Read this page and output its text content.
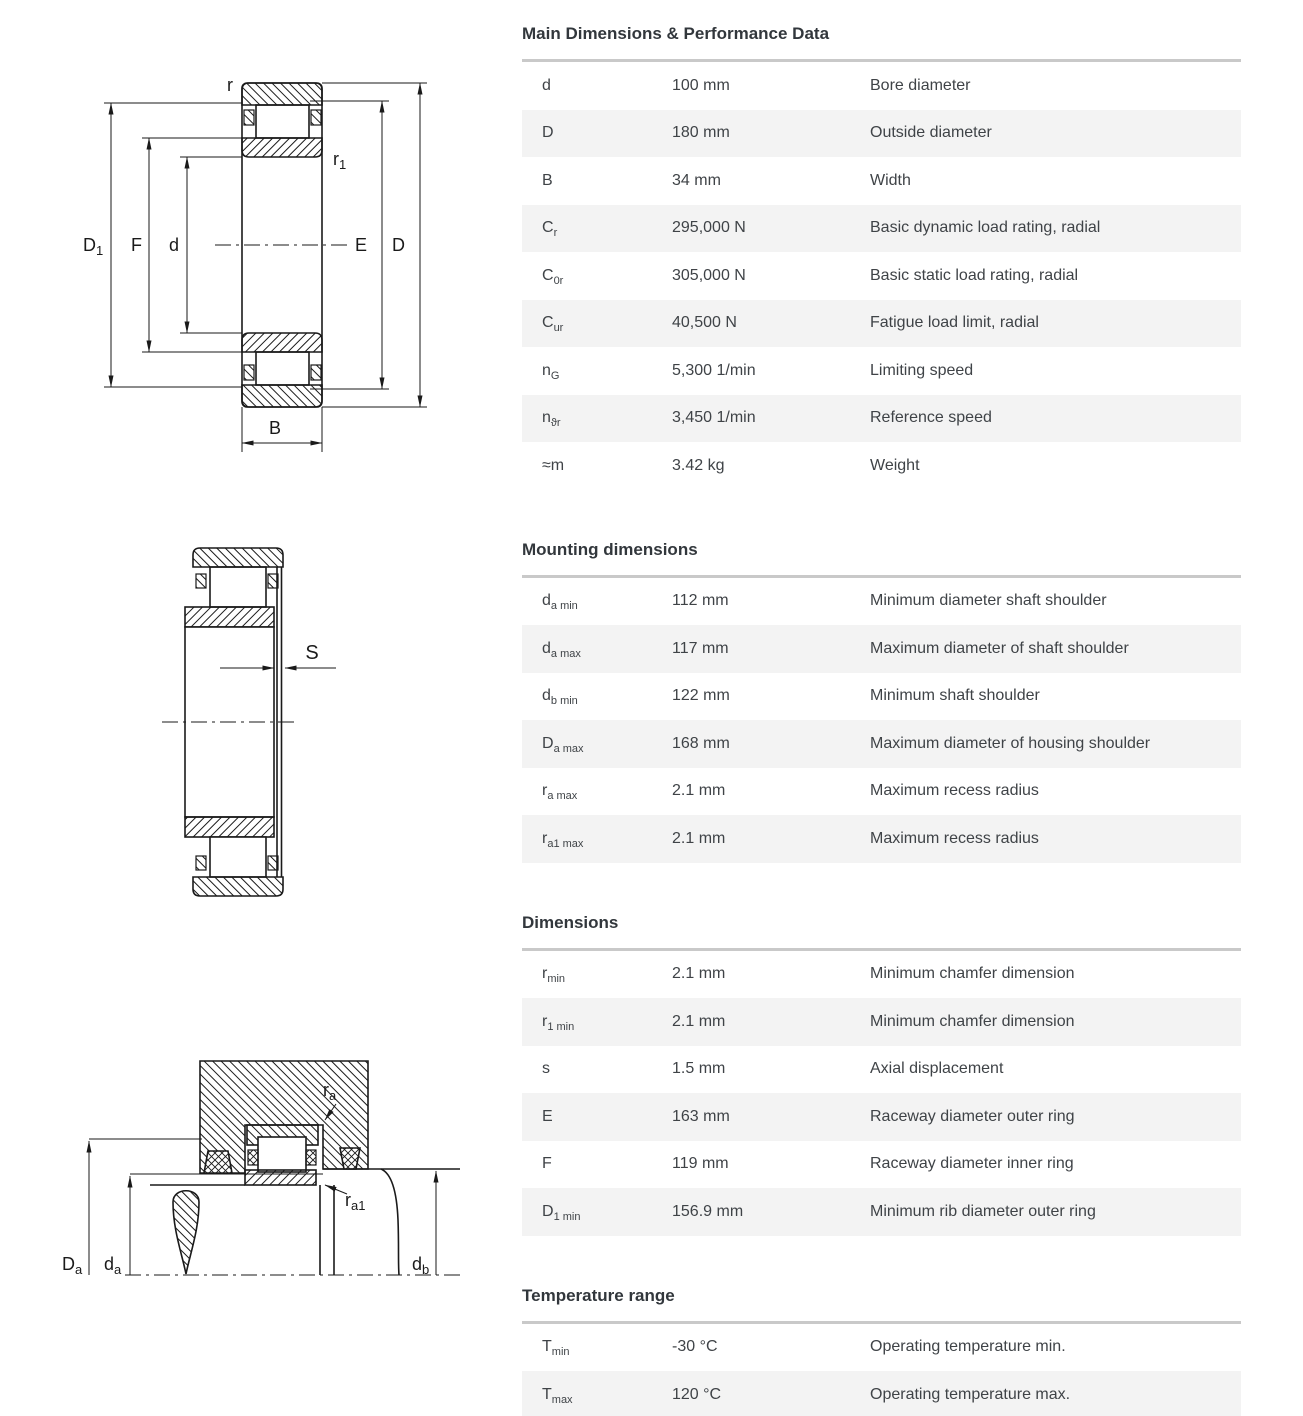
r
$r_1$
$D_1$ F d	E D
B
S
$r_a$
$r_{a1}$
$D_a$ $d_a$	$d_b$
Main Dimensions & Performance Data
d	100 mm	Bore diameter
D	180 mm	Outside diameter
B	34 mm	Width
$C_r$	295,000 N	Basic dynamic load rating, radial
$C_{0r}$	305,000 N	Basic static load rating, radial
$C_{ur}$	40,500 N	Fatigue load limit, radial
$n_G$	5,300 1/min	Limiting speed
$n_{ϑr}$	3,450 1/min	Reference speed
≈m	3.42 kg	Weight
Mounting dimensions
$d_{a min}$	112 mm	Minimum diameter shaft shoulder
$d_{a max}$	117 mm	Maximum diameter of shaft shoulder
$d_{b min}$	122 mm	Minimum shaft shoulder
$D_{a max}$	168 mm	Maximum diameter of housing shoulder
$r_{a max}$	2.1 mm	Maximum recess radius
$r_{a1 max}$	2.1 mm	Maximum recess radius
Dimensions
$r_{min}$	2.1 mm	Minimum chamfer dimension
$r_{1 min}$	2.1 mm	Minimum chamfer dimension
s	1.5 mm	Axial displacement
E	163 mm	Raceway diameter outer ring
F	119 mm	Raceway diameter inner ring
$D_{1 min}$	156.9 mm	Minimum rib diameter outer ring
Temperature range
$T_{min}$	-30 °C	Operating temperature min.
$T_{max}$	120 °C	Operating temperature max.
